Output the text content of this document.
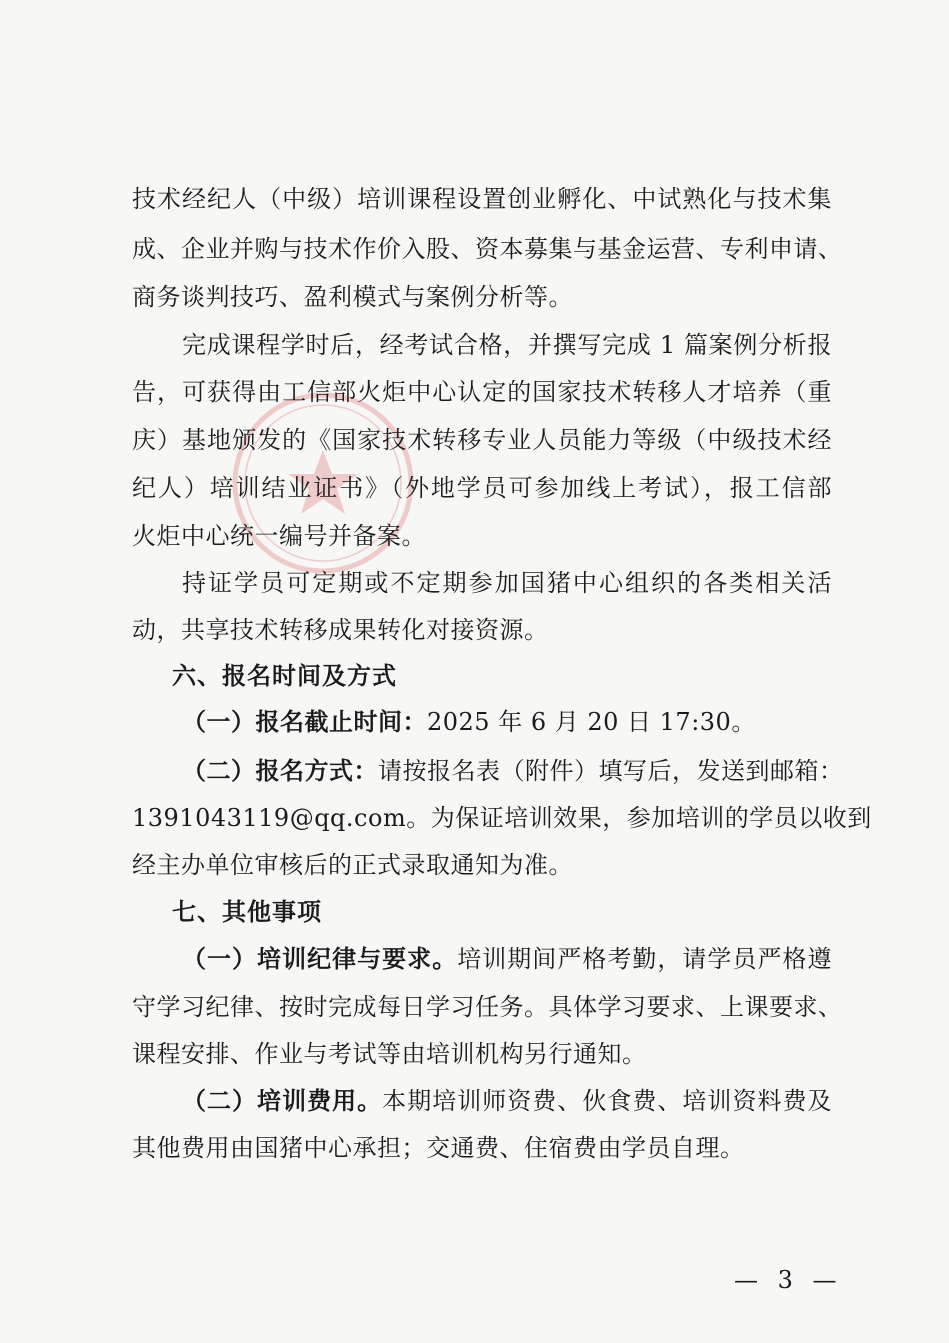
技术经纪人（中级）培训课程设置创业孵化、中试熟化与技术集
成、企业并购与技术作价入股、资本募集与基金运营、专利申请、
商务谈判技巧、盈利模式与案例分析等。
完成课程学时后，经考试合格，并撰写完成 1 篇案例分析报
告，可获得由工信部火炬中心认定的国家技术转移人才培养（重
庆）基地颁发的《国家技术转移专业人员能力等级（中级技术经
纪人）培训结业证书》（外地学员可参加线上考试），报工信部
火炬中心统一编号并备案。
持证学员可定期或不定期参加国猪中心组织的各类相关活
动，共享技术转移成果转化对接资源。
六、报名时间及方式
（一）报名截止时间：2025 年 6 月 20 日 17:30。
（二）报名方式：请按报名表（附件）填写后，发送到邮箱：
1391043119@qq.com。为保证培训效果，参加培训的学员以收到
经主办单位审核后的正式录取通知为准。
七、其他事项
（一）培训纪律与要求。培训期间严格考勤，请学员严格遵
守学习纪律、按时完成每日学习任务。具体学习要求、上课要求、
课程安排、作业与考试等由培训机构另行通知。
（二）培训费用。本期培训师资费、伙食费、培训资料费及
其他费用由国猪中心承担；交通费、住宿费由学员自理。
— 3 —
